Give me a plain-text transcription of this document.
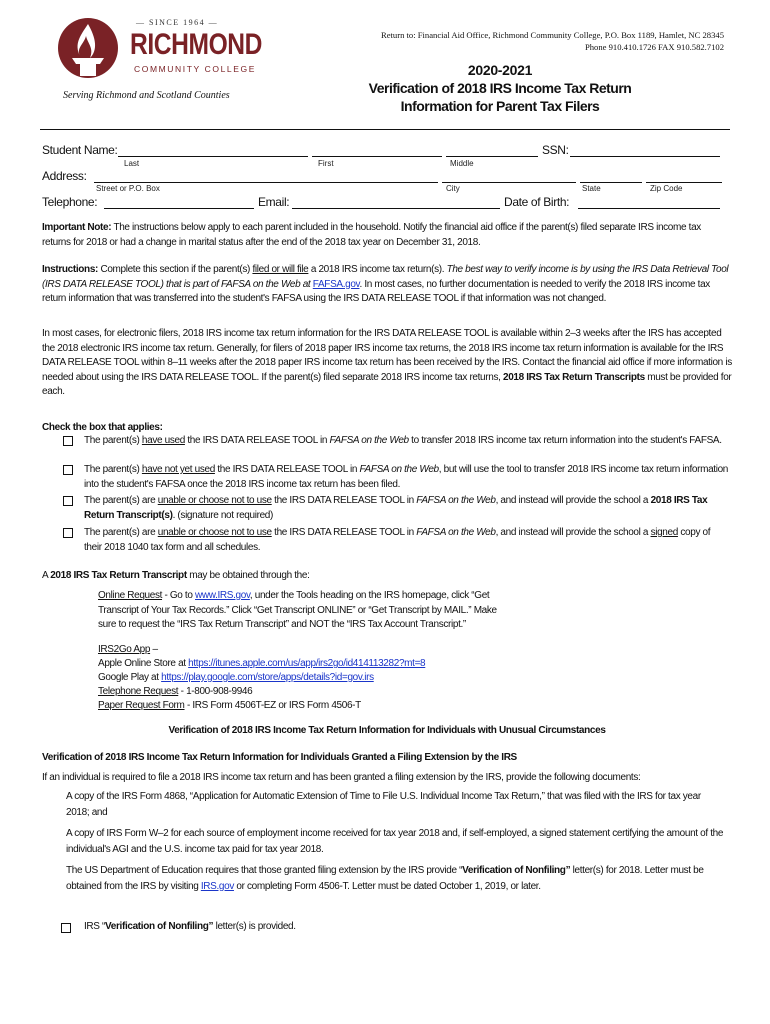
— SINCE 1964 —
RICHMOND
COMMUNITY COLLEGE
Serving Richmond and Scotland Counties
Return to: Financial Aid Office, Richmond Community College, P.O. Box 1189, Hamlet, NC 28345
Phone 910.410.1726 FAX 910.582.7102
2020-2021
Verification of 2018 IRS Income Tax Return
Information for Parent Tax Filers
Student Name:	SSN:
Last	First	Middle
Address:
Street or P.O. Box	City	State	Zip Code
Telephone:	Email:	Date of Birth:
Important Note: The instructions below apply to each parent included in the household. Notify the financial aid office if the parent(s) filed separate IRS income tax returns for 2018 or had a change in marital status after the end of the 2018 tax year on December 31, 2018.
Instructions: Complete this section if the parent(s) filed or will file a 2018 IRS income tax return(s). The best way to verify income is by using the IRS Data Retrieval Tool (IRS DATA RELEASE TOOL) that is part of FAFSA on the Web at FAFSA.gov. In most cases, no further documentation is needed to verify the 2018 IRS income tax return information that was transferred into the student's FAFSA using the IRS DATA RELEASE TOOL if that information was not changed.
In most cases, for electronic filers, 2018 IRS income tax return information for the IRS DATA RELEASE TOOL is available within 2–3 weeks after the IRS has accepted the 2018 electronic IRS income tax return. Generally, for filers of 2018 paper IRS income tax returns, the 2018 IRS income tax return information is available for the IRS DATA RELEASE TOOL within 8–11 weeks after the 2018 paper IRS income tax return has been received by the IRS. Contact the financial aid office if more information is needed about using the IRS DATA RELEASE TOOL. If the parent(s) filed separate 2018 IRS income tax returns, 2018 IRS Tax Return Transcripts must be provided for each.
Check the box that applies:
The parent(s) have used the IRS DATA RELEASE TOOL in FAFSA on the Web to transfer 2018 IRS income tax return information into the student's FAFSA.
The parent(s) have not yet used the IRS DATA RELEASE TOOL in FAFSA on the Web, but will use the tool to transfer 2018 IRS income tax return information into the student's FAFSA once the 2018 IRS income tax return has been filed.
The parent(s) are unable or choose not to use the IRS DATA RELEASE TOOL in FAFSA on the Web, and instead will provide the school a 2018 IRS Tax Return Transcript(s). (signature not required)
The parent(s) are unable or choose not to use the IRS DATA RELEASE TOOL in FAFSA on the Web, and instead will provide the school a signed copy of their 2018 1040 tax form and all schedules.
A 2018 IRS Tax Return Transcript may be obtained through the:
Online Request - Go to www.IRS.gov, under the Tools heading on the IRS homepage, click “Get Transcript of Your Tax Records.” Click “Get Transcript ONLINE” or “Get Transcript by MAIL.” Make sure to request the “IRS Tax Return Transcript” and NOT the “IRS Tax Account Transcript.”
IRS2Go App –
Apple Online Store at https://itunes.apple.com/us/app/irs2go/id414113282?mt=8
Google Play at https://play.google.com/store/apps/details?id=gov.irs
Telephone Request - 1-800-908-9946
Paper Request Form - IRS Form 4506T-EZ or IRS Form 4506-T
Verification of 2018 IRS Income Tax Return Information for Individuals with Unusual Circumstances
Verification of 2018 IRS Income Tax Return Information for Individuals Granted a Filing Extension by the IRS
If an individual is required to file a 2018 IRS income tax return and has been granted a filing extension by the IRS, provide the following documents:
A copy of the IRS Form 4868, “Application for Automatic Extension of Time to File U.S. Individual Income Tax Return,” that was filed with the IRS for tax year 2018; and
A copy of IRS Form W–2 for each source of employment income received for tax year 2018 and, if self-employed, a signed statement certifying the amount of the individual's AGI and the U.S. income tax paid for tax year 2018.
The US Department of Education requires that those granted filing extension by the IRS provide “Verification of Nonfiling” letter(s) for 2018. Letter must be obtained from the IRS by visiting IRS.gov or completing Form 4506-T. Letter must be dated October 1, 2019, or later.
IRS “Verification of Nonfiling” letter(s) is provided.
